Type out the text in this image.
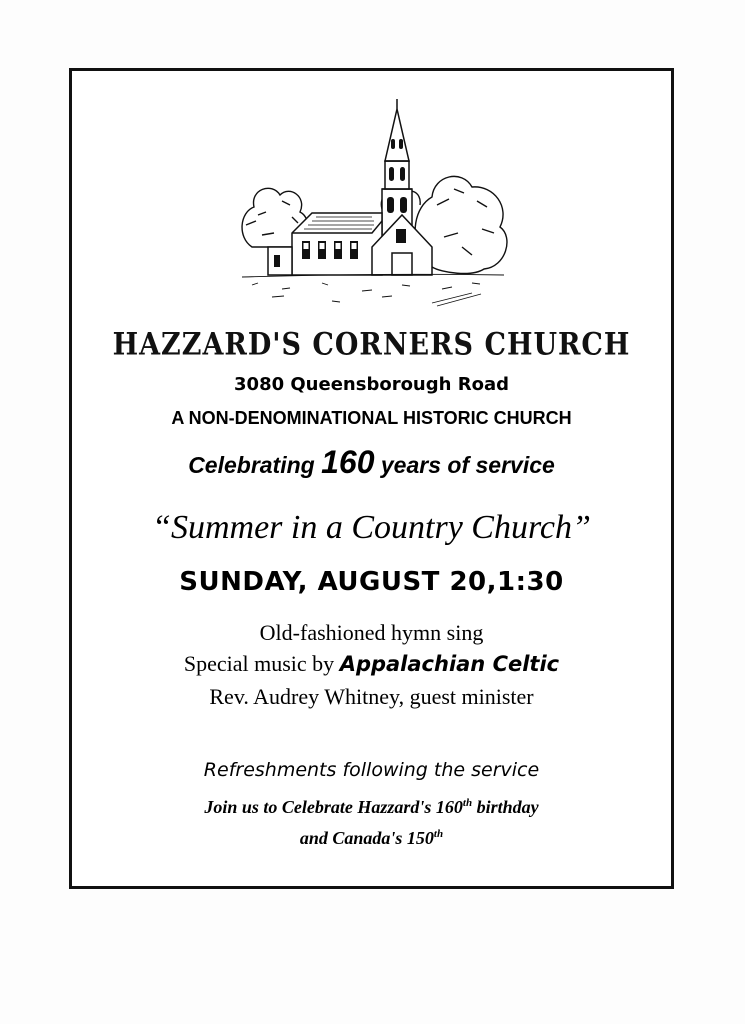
HAZZARD'S CORNERS CHURCH
3080 Queensborough Road
A NON-DENOMINATIONAL HISTORIC CHURCH
Celebrating 160 years of service
“Summer in a Country Church”
SUNDAY, AUGUST 20,1:30
Old-fashioned hymn sing
Special music by Appalachian Celtic
Rev. Audrey Whitney, guest minister
Refreshments following the service
Join us to Celebrate Hazzard's 160th birthday
and Canada's 150th
